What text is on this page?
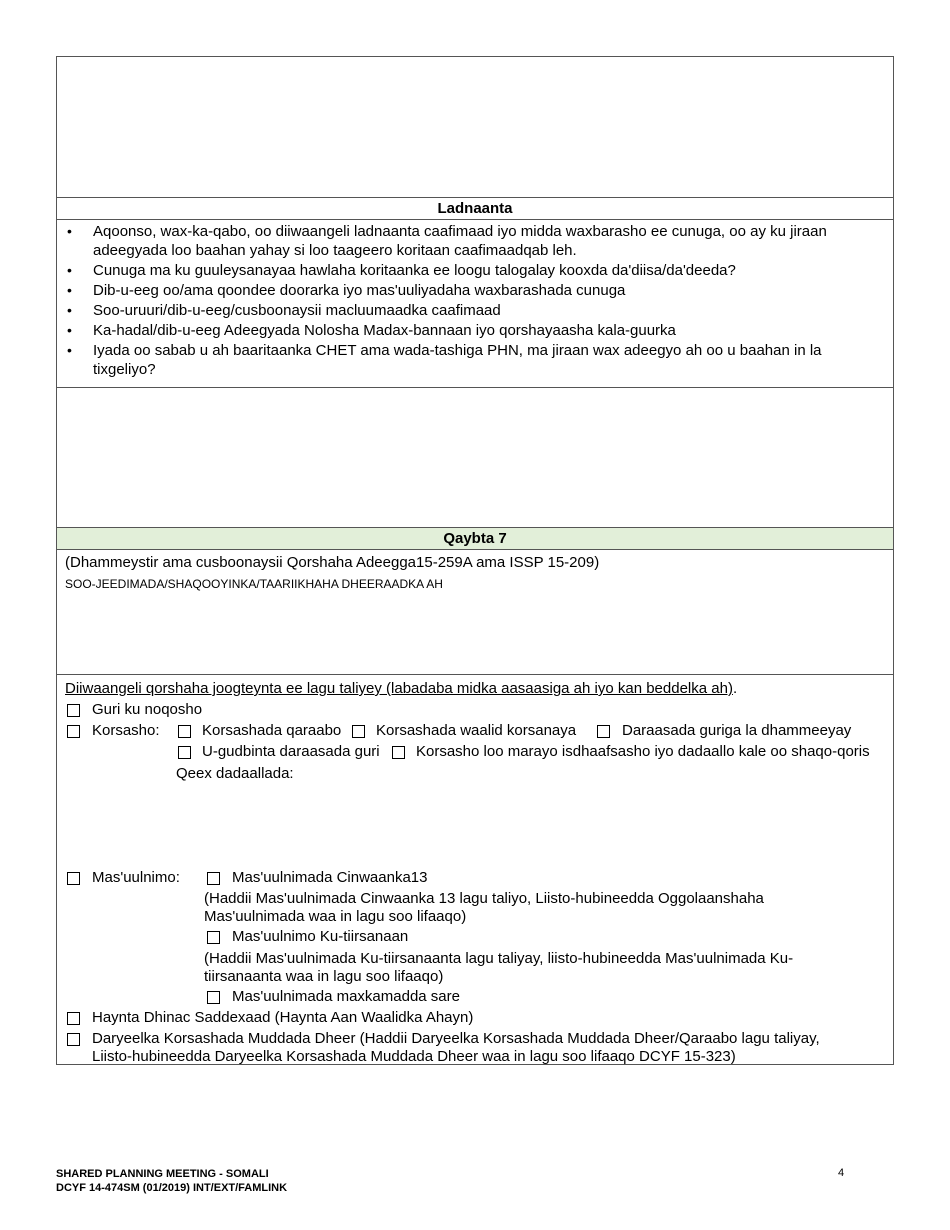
Ladnaanta
• Aqoonso, wax-ka-qabo, oo diiwaangeli ladnaanta caafimaad iyo midda waxbarasho ee cunuga, oo ay ku jiraan adeegyada loo baahan yahay si loo taageero koritaan caafimaadqab leh.
• Cunuga ma ku guuleysanayaa hawlaha koritaanka ee loogu talogalay kooxda da'diisa/da'deeda?
• Dib-u-eeg oo/ama qoondee doorarka iyo mas'uuliyadaha waxbarashada cunuga
• Soo-uruuri/dib-u-eeg/cusboonaysii macluumaadka caafimaad
• Ka-hadal/dib-u-eeg Adeegyada Nolosha Madax-bannaan iyo qorshayaasha kala-guurka
• Iyada oo sabab u ah baaritaanka CHET ama wada-tashiga PHN, ma jiraan wax adeegyo ah oo u baahan in la tixgeliyo?
Qaybta 7
(Dhammeystir ama cusboonaysii Qorshaha Adeegga15-259A ama ISSP 15-209)
SOO-JEEDIMADA/SHAQOOYINKA/TAARIIKHAHA DHEERAADKA AH
Diiwaangeli qorshaha joogteynta ee lagu taliyey (labadaba midka aasaasiga ah iyo kan beddelka ah).
Guri ku noqosho
Korsasho:	Korsashada qaraabo Korsashada waalid korsanaya	Daraasada guriga la dhammeeyay
U-gudbinta daraasada guri Korsasho loo marayo isdhaafsasho iyo dadaallo kale oo shaqo-qoris
Qeex dadaallada:
Mas'uulnimo:	Mas'uulnimada Cinwaanka13
(Haddii Mas'uulnimada Cinwaanka 13 lagu taliyo, Liisto-hubineedda Oggolaanshaha
Mas'uulnimada waa in lagu soo lifaaqo)
Mas'uulnimo Ku-tiirsanaan
(Haddii Mas'uulnimada Ku-tiirsanaanta lagu taliyay, liisto-hubineedda Mas'uulnimada Ku-
tiirsanaanta waa in lagu soo lifaaqo)
Mas'uulnimada maxkamadda sare
Haynta Dhinac Saddexaad (Haynta Aan Waalidka Ahayn)
Daryeelka Korsashada Muddada Dheer (Haddii Daryeelka Korsashada Muddada Dheer/Qaraabo lagu taliyay,
Liisto-hubineedda Daryeelka Korsashada Muddada Dheer waa in lagu soo lifaaqo DCYF 15-323)
SHARED PLANNING MEETING - SOMALI
DCYF 14-474SM (01/2019) INT/EXT/FAMLINK
4
